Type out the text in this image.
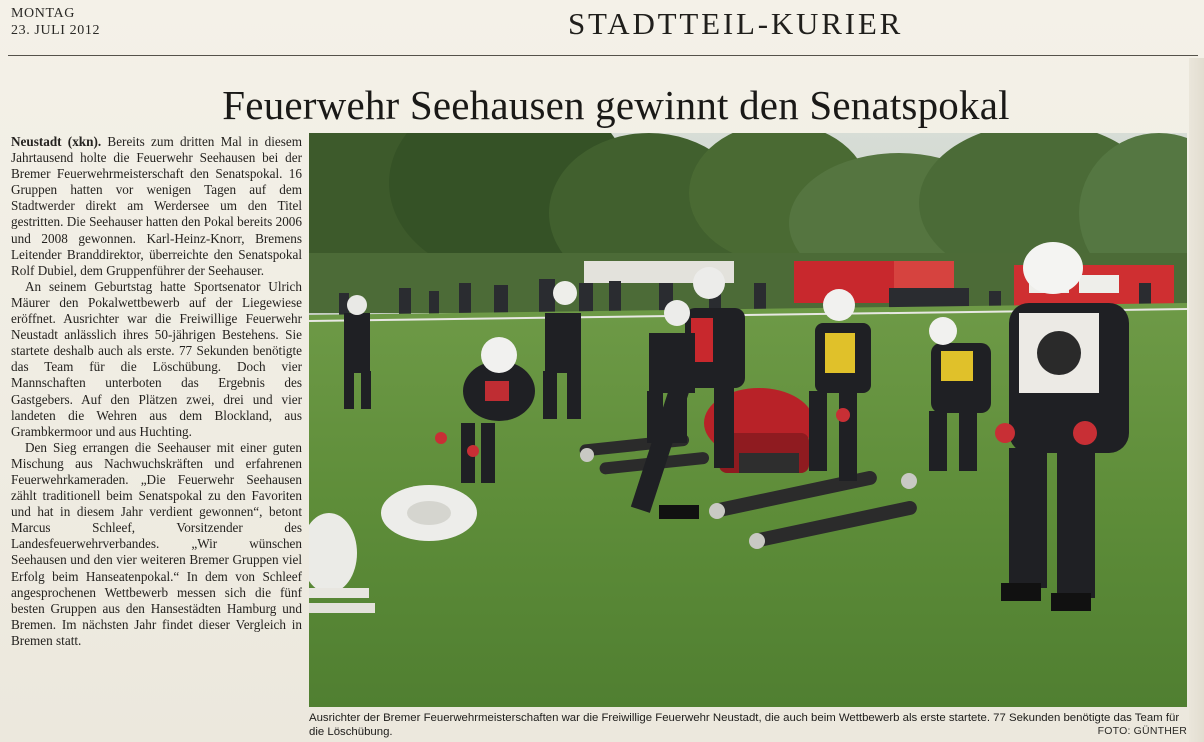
MONTAG
23. JULI 2012	STADTTEIL-KURIER
Feuerwehr Seehausen gewinnt den Senatspokal

Neustadt (xkn). Bereits zum dritten Mal in diesem Jahrtausend holte die Feuerwehr Seehausen bei der Bremer Feuerwehrmeisterschaft den Senatspokal. 16 Gruppen hatten vor wenigen Tagen auf dem Stadtwerder direkt am Werdersee um den Titel gestritten. Die Seehauser hatten den Pokal bereits 2006 und 2008 gewonnen. Karl-Heinz-Knorr, Bremens Leitender Branddirektor, überreichte den Senatspokal Rolf Dubiel, dem Gruppenführer der Seehauser.

An seinem Geburtstag hatte Sportsenator Ulrich Mäurer den Pokalwettbewerb auf der Liegewiese eröffnet. Ausrichter war die Freiwillige Feuerwehr Neustadt anlässlich ihres 50-jährigen Bestehens. Sie startete deshalb auch als erste. 77 Sekunden benötigte das Team für die Löschübung. Doch vier Mannschaften unterboten das Ergebnis des Gastgebers. Auf den Plätzen zwei, drei und vier landeten die Wehren aus dem Blockland, aus Grambkermoor und aus Huchting.

Den Sieg errangen die Seehauser mit einer guten Mischung aus Nachwuchskräften und erfahrenen Feuerwehrkameraden. „Die Feuerwehr Seehausen zählt traditionell beim Senatspokal zu den Favoriten und hat in diesem Jahr verdient gewonnen“, betont Marcus Schleef, Vorsitzender des Landesfeuerwehrverbandes. „Wir wünschen Seehausen und den vier weiteren Bremer Gruppen viel Erfolg beim Hanseatenpokal.“ In dem von Schleef angesprochenen Wettbewerb messen sich die fünf besten Gruppen aus den Hansestädten Hamburg und Bremen. Im nächsten Jahr findet dieser Vergleich in Bremen statt.

Ausrichter der Bremer Feuerwehrmeisterschaften war die Freiwillige Feuerwehr Neustadt, die auch beim Wettbewerb als erste startete. 77 Sekunden benötigte das Team für die Löschübung.	FOTO: GÜNTHER
